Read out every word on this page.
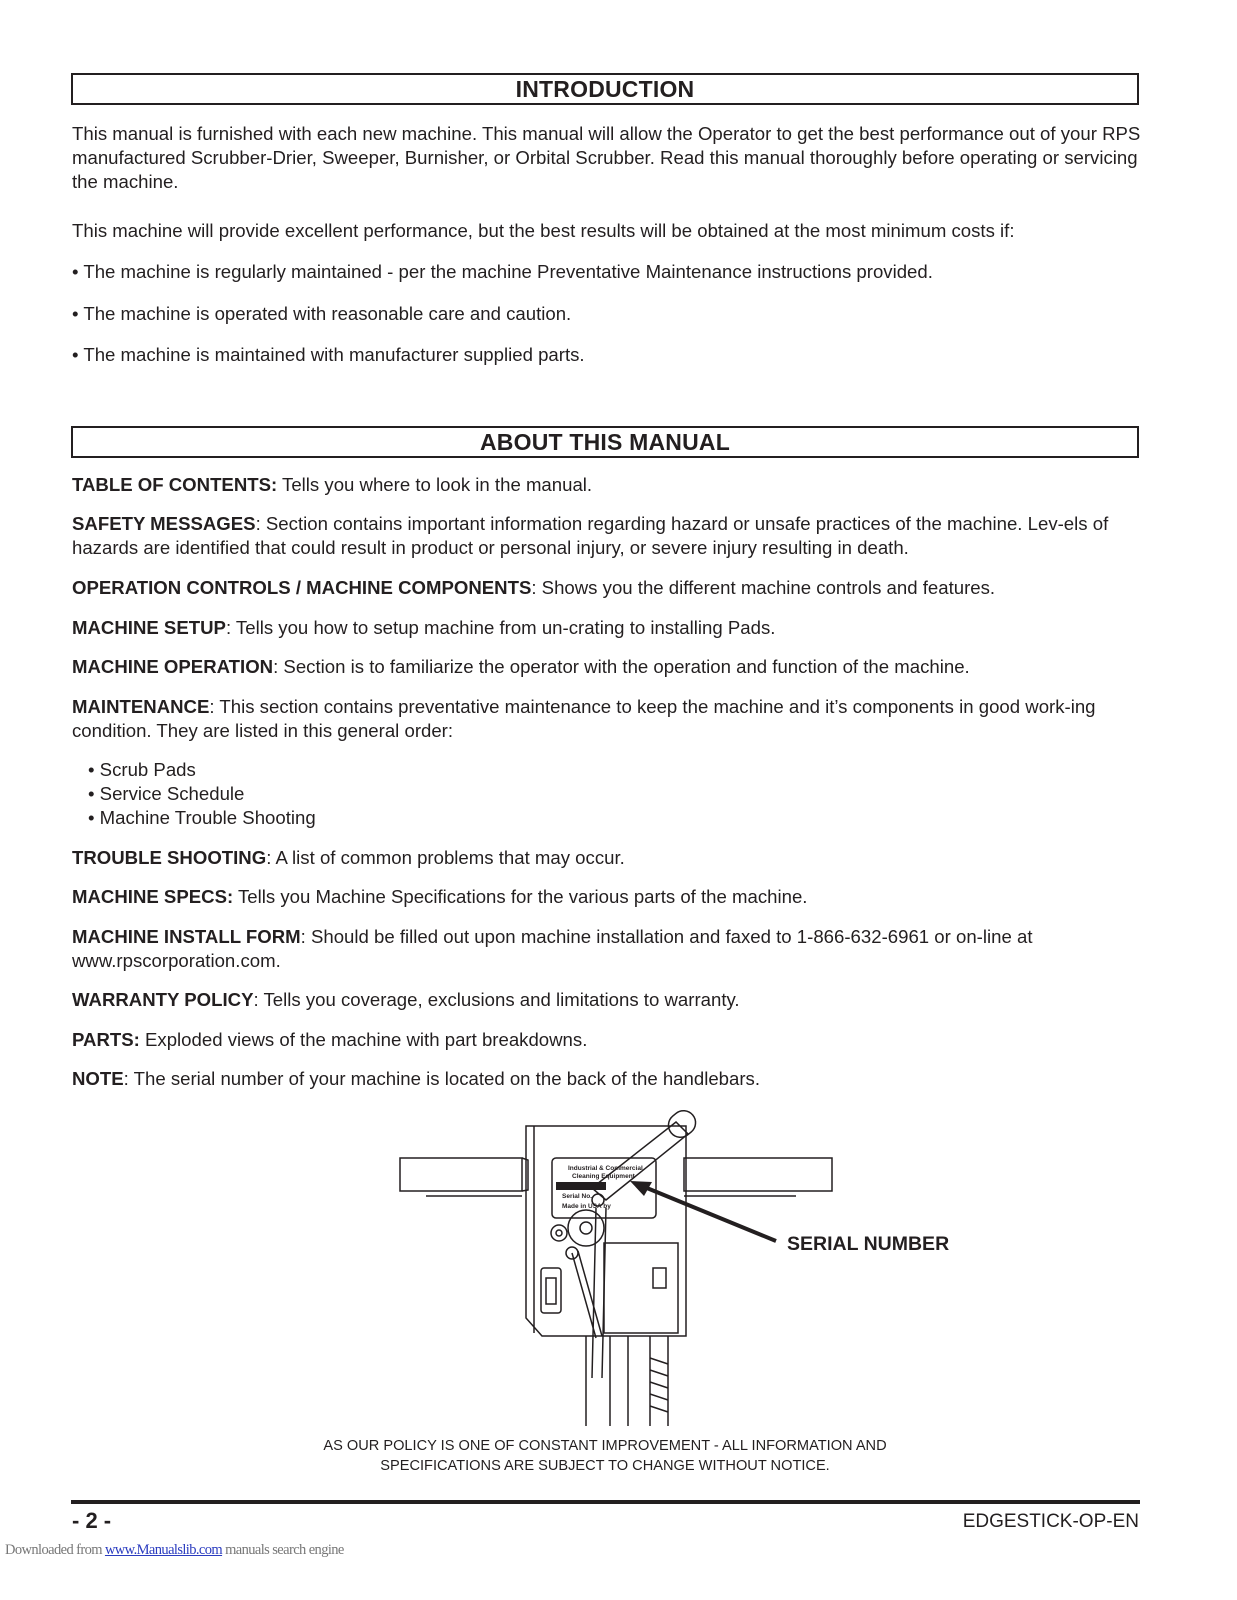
INTRODUCTION

This manual is furnished with each new machine. This manual will allow the Operator to get the best performance out of your RPS manufactured Scrubber-Drier, Sweeper, Burnisher, or Orbital Scrubber. Read this manual thoroughly before operating or servicing the machine.

This machine will provide excellent performance, but the best results will be obtained at the most minimum costs if:

• The machine is regularly maintained - per the machine Preventative Maintenance instructions provided.

• The machine is operated with reasonable care and caution.

• The machine is maintained with manufacturer supplied parts.

ABOUT THIS MANUAL

TABLE OF CONTENTS: Tells you where to look in the manual.

SAFETY MESSAGES: Section contains important information regarding hazard or unsafe practices of the machine. Lev-els of hazards are identified that could result in product or personal injury, or severe injury resulting in death.

OPERATION CONTROLS / MACHINE COMPONENTS: Shows you the different machine controls and features.

MACHINE SETUP: Tells you how to setup machine from un-crating to installing Pads.

MACHINE OPERATION: Section is to familiarize the operator with the operation and function of the machine.

MAINTENANCE: This section contains preventative maintenance to keep the machine and it’s components in good work-ing condition. They are listed in this general order:

• Scrub Pads
• Service Schedule
• Machine Trouble Shooting

TROUBLE SHOOTING: A list of common problems that may occur.

MACHINE SPECS: Tells you Machine Specifications for the various parts of the machine.

MACHINE INSTALL FORM: Should be filled out upon machine installation and faxed to 1-866-632-6961 or on-line at www.rpscorporation.com.

WARRANTY POLICY: Tells you coverage, exclusions and limitations to warranty.

PARTS: Exploded views of the machine with part breakdowns.

NOTE: The serial number of your machine is located on the back of the handlebars.

Industrial & Commercial
Cleaning Equipment
Serial No.
Made in USA by
SERIAL NUMBER
AS OUR POLICY IS ONE OF CONSTANT IMPROVEMENT - ALL INFORMATION AND
SPECIFICATIONS ARE SUBJECT TO CHANGE WITHOUT NOTICE.
- 2 -	EDGESTICK-OP-EN
Downloaded from www.Manualslib.com manuals search engine
